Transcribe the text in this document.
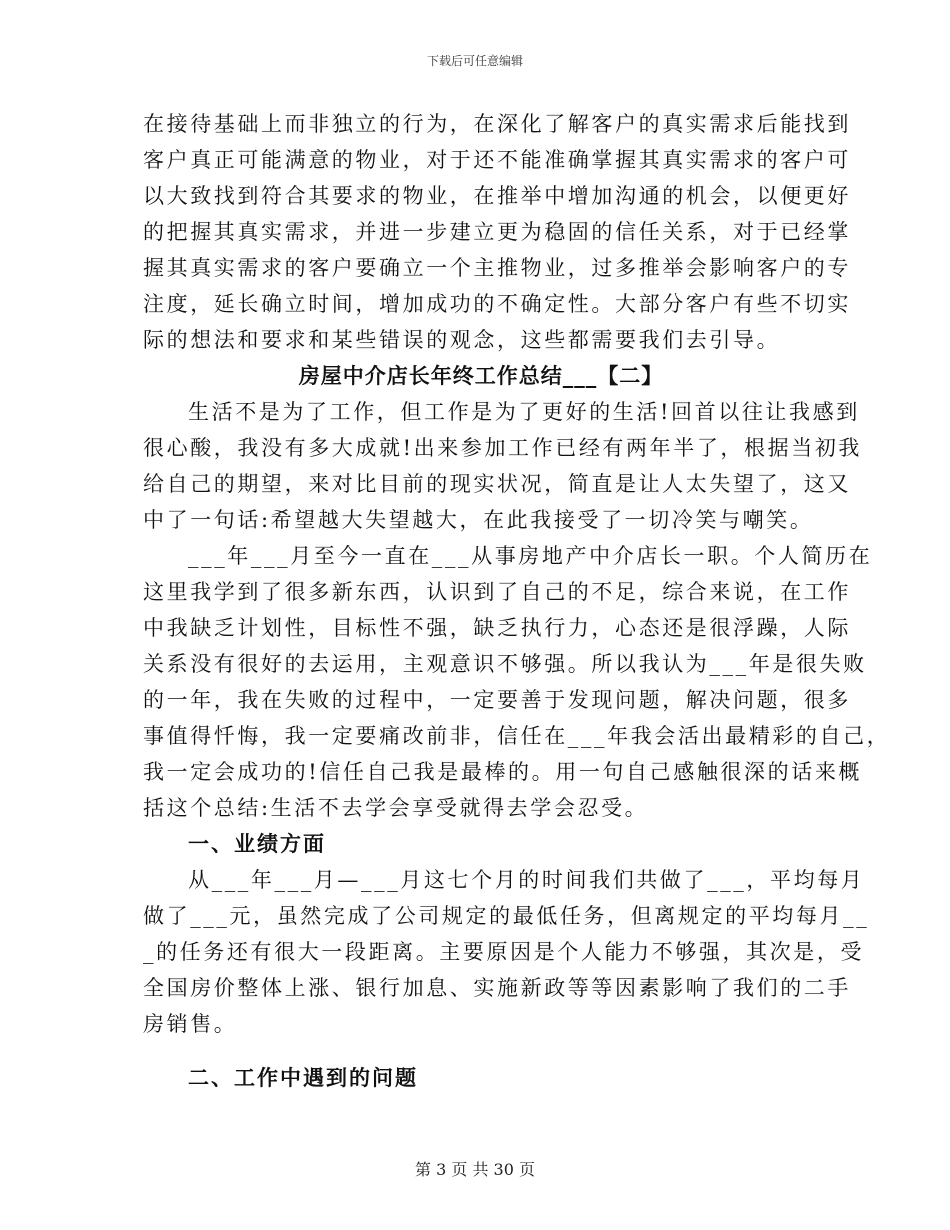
下载后可任意编辑

在接待基础上而非独立的行为，在深化了解客户的真实需求后能找到

客户真正可能满意的物业，对于还不能准确掌握其真实需求的客户可

以大致找到符合其要求的物业，在推举中增加沟通的机会，以便更好

的把握其真实需求，并进一步建立更为稳固的信任关系，对于已经掌

握其真实需求的客户要确立一个主推物业，过多推举会影响客户的专

注度，延长确立时间，增加成功的不确定性。大部分客户有些不切实

际的想法和要求和某些错误的观念，这些都需要我们去引导。

房屋中介店长年终工作总结___【二】

生活不是为了工作，但工作是为了更好的生活!回首以往让我感到

很心酸，我没有多大成就!出来参加工作已经有两年半了，根据当初我

给自己的期望，来对比目前的现实状况，简直是让人太失望了，这又

中了一句话:希望越大失望越大，在此我接受了一切冷笑与嘲笑。

___年___月至今一直在___从事房地产中介店长一职。个人简历在

这里我学到了很多新东西，认识到了自己的不足，综合来说，在工作

中我缺乏计划性，目标性不强，缺乏执行力，心态还是很浮躁，人际

关系没有很好的去运用，主观意识不够强。所以我认为___年是很失败

的一年，我在失败的过程中，一定要善于发现问题，解决问题，很多

事值得忏悔，我一定要痛改前非，信任在___年我会活出最精彩的自己，

我一定会成功的!信任自己我是最棒的。用一句自己感触很深的话来概

括这个总结:生活不去学会享受就得去学会忍受。

一、业绩方面

从___年___月—___月这七个月的时间我们共做了___，平均每月

做了___元，虽然完成了公司规定的最低任务，但离规定的平均每月__

_的任务还有很大一段距离。主要原因是个人能力不够强，其次是，受

全国房价整体上涨、银行加息、实施新政等等因素影响了我们的二手

房销售。

二、工作中遇到的问题

第 3 页 共 30 页
